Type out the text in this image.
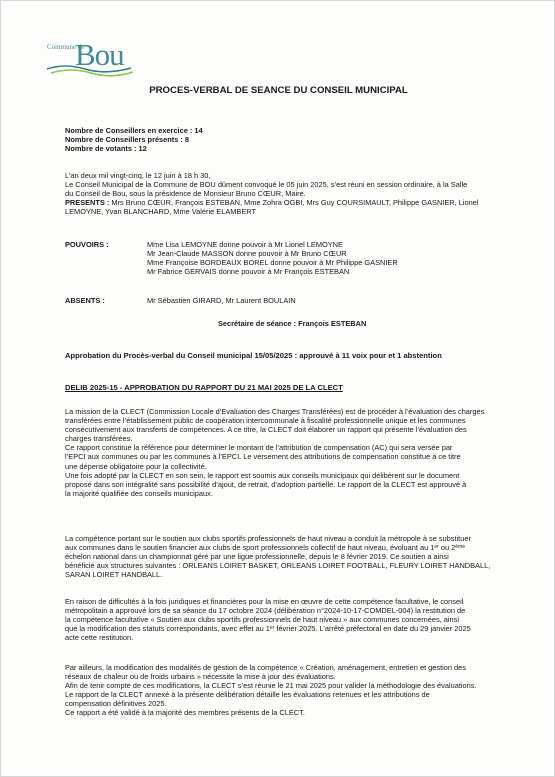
Commune de
Bou
PROCES-VERBAL DE SEANCE DU CONSEIL MUNICIPAL
Nombre de Conseillers en exercice : 14
Nombre de Conseillers présents : 8
Nombre de votants : 12
L’an deux mil vingt-cinq, le 12 juin à 18 h 30,
Le Conseil Municipal de la Commune de BOU dûment convoqué le 05 juin 2025, s’est réuni en session ordinaire, à la Salle
du Conseil de Bou, sous la présidence de Monsieur Bruno CŒUR, Maire.
PRESENTS : Mrs Bruno CŒUR, François ESTEBAN, Mme Zohra OGBI, Mrs Guy COURSIMAULT, Philippe GASNIER, Lionel
LEMOYNE, Yvan BLANCHARD, Mme Valérie ELAMBERT
POUVOIRS :	Mme Lisa LEMOYNE donne pouvoir à Mr Lionel LEMOYNE
Mr Jean-Claude MASSON donne pouvoir à Mr Bruno CŒUR
Mme Françoise BORDEAUX BOREL donne pouvoir à Mr Philippe GASNIER
Mr Fabrice GERVAIS donne pouvoir à Mr François ESTEBAN
ABSENTS :	Mr Sébastien GIRARD, Mr Laurent BOULAIN
Secrétaire de séance : François ESTEBAN
Approbation du Procès-verbal du Conseil municipal 15/05/2025 : approuvé à 11 voix pour et 1 abstention
DELIB 2025-15 - APPROBATION DU RAPPORT DU 21 MAI 2025 DE LA CLECT
La mission de la CLECT (Commission Locale d’Evaluation des Charges Transférées) est de procéder à l’évaluation des charges
transférées entre l’établissement public de coopération intercommunale à fiscalité professionnelle unique et les communes
consécutivement aux transferts de compétences. A ce titre, la CLECT doit élaborer un rapport qui présente l’évaluation des
charges transférées.
Ce rapport constitue la référence pour déterminer le montant de l’attribution de compensation (AC) qui sera versée par
l’EPCI aux communes ou par les communes à l’EPCI. Le versement des attributions de compensation constitue à ce titre
une dépense obligatoire pour la collectivité.
Une fois adopté par la CLECT en son sein, le rapport est soumis aux conseils municipaux qui délibèrent sur le document
proposé dans son intégralité sans possibilité d’ajout, de retrait, d’adoption partielle. Le rapport de la CLECT est approuvé à
la majorité qualifiée des conseils municipaux.
La compétence portant sur le soutien aux clubs sportifs professionnels de haut niveau a conduit la métropole à se substituer
aux communes dans le soutien financier aux clubs de sport professionnels collectif de haut niveau, évoluant au 1er ou 2ème
échelon national dans un championnat géré par une ligue professionnelle, depuis le 8 février 2019. Ce soutien a ainsi
bénéficié aux structures suivantes : ORLEANS LOIRET BASKET, ORLEANS LOIRET FOOTBALL, FLEURY LOIRET HANDBALL,
SARAN LOIRET HANDBALL.
En raison de difficultés à la fois juridiques et financières pour la mise en œuvre de cette compétence facultative, le conseil
métropolitain a approuvé lors de sa séance du 17 octobre 2024 (délibération n°2024-10-17-COMDEL-004) la restitution de
la compétence facultative « Soutien aux clubs sportifs professionnels de haut niveau » aux communes concernées, ainsi
que la modification des statuts correspondants, avec effet au 1er février 2025. L’arrêté préfectoral en date du 29 janvier 2025
acte cette restitution.
Par ailleurs, la modification des modalités de gestion de la compétence « Création, aménagement, entretien et gestion des
réseaux de chaleur ou de froids urbains » nécessite la mise à jour des évaluations.
Afin de tenir compte de ces modifications, la CLECT s’est réunie le 21 mai 2025 pour valider la méthodologie des évaluations.
Le rapport de la CLECT annexé à la présente délibération détaille les évaluations retenues et les attributions de
compensation définitives 2025.
Ce rapport a été validé à la majorité des membres présents de la CLECT.
